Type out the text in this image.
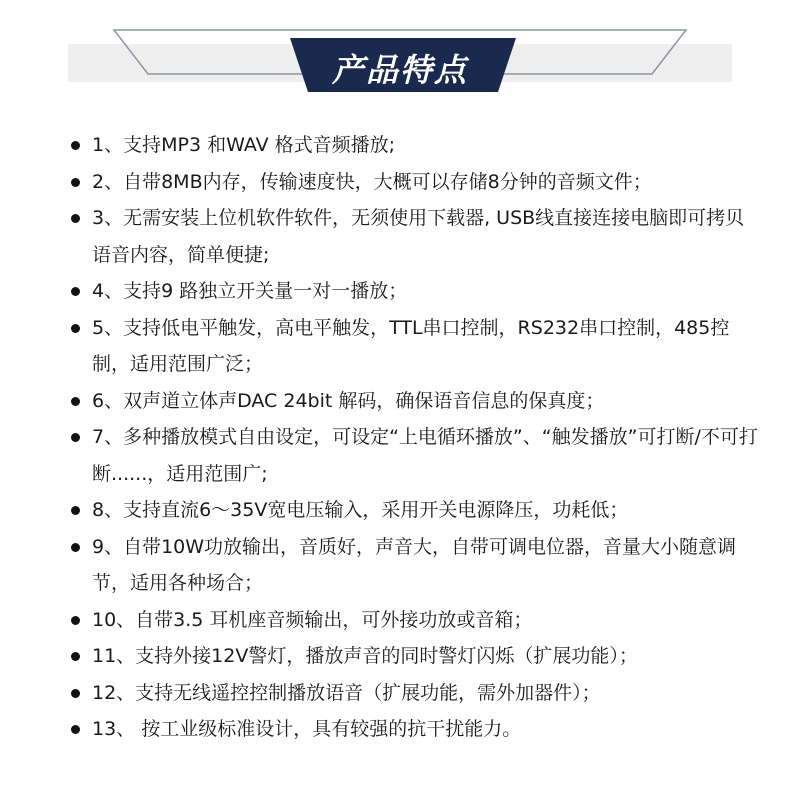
产品特点
1、支持MP3 和WAV 格式音频播放;
2、自带8MB内存，传输速度快，大概可以存储8分钟的音频文件；
3、无需安装上位机软件软件，无须使用下载器, USB线直接连接电脑即可拷贝语音内容，简单便捷;
4、支持9 路独立开关量一对一播放；
5、支持低电平触发，高电平触发，TTL串口控制，RS232串口控制，485控制，适用范围广泛；
6、双声道立体声DAC 24bit 解码，确保语音信息的保真度；
7、多种播放模式自由设定，可设定“上电循环播放”、“触发播放”可打断/不可打断......，适用范围广;
8、支持直流6～35V宽电压输入，采用开关电源降压，功耗低；
9、自带10W功放输出，音质好，声音大，自带可调电位器，音量大小随意调节，适用各种场合；
10、自带3.5 耳机座音频输出，可外接功放或音箱；
11、支持外接12V警灯，播放声音的同时警灯闪烁（扩展功能）；
12、支持无线遥控控制播放语音（扩展功能，需外加器件）；
13、 按工业级标准设计，具有较强的抗干扰能力。
